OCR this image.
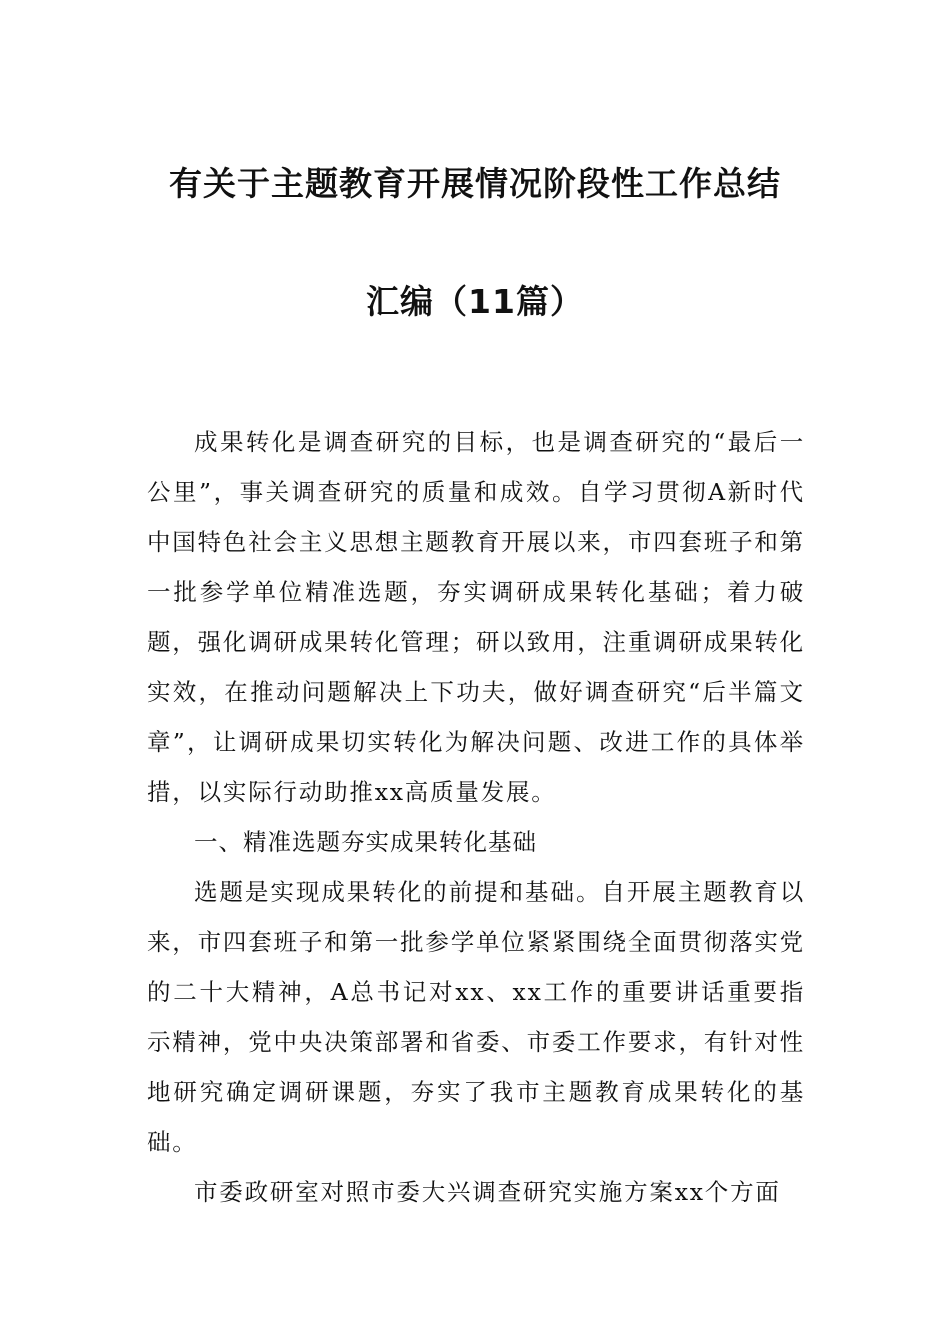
有关于主题教育开展情况阶段性工作总结
汇编（11篇）

成果转化是调查研究的目标，也是调查研究的“最后一公里”，事关调查研究的质量和成效。自学习贯彻A新时代中国特色社会主义思想主题教育开展以来，市四套班子和第一批参学单位精准选题，夯实调研成果转化基础；着力破题，强化调研成果转化管理；研以致用，注重调研成果转化实效，在推动问题解决上下功夫，做好调查研究“后半篇文章”，让调研成果切实转化为解决问题、改进工作的具体举措，以实际行动助推xx高质量发展。

一、精准选题夯实成果转化基础

选题是实现成果转化的前提和基础。自开展主题教育以来，市四套班子和第一批参学单位紧紧围绕全面贯彻落实党的二十大精神，A总书记对xx、xx工作的重要讲话重要指示精神，党中央决策部署和省委、市委工作要求，有针对性地研究确定调研课题，夯实了我市主题教育成果转化的基础。

市委政研室对照市委大兴调查研究实施方案xx个方面
